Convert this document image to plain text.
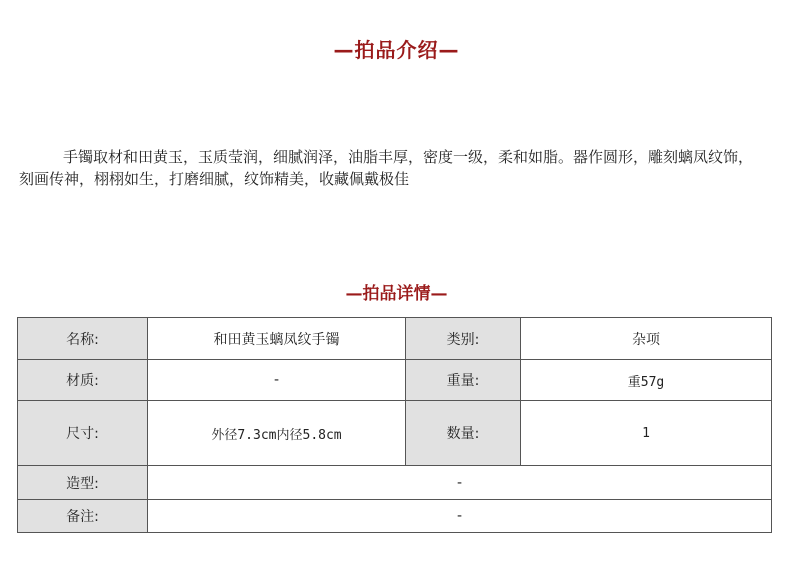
—拍品介绍—
手镯取材和田黄玉，玉质莹润，细腻润泽，油脂丰厚，密度一级，柔和如脂。器作圆形，雕刻螭凤纹饰，刻画传神，栩栩如生，打磨细腻，纹饰精美，收藏佩戴极佳
—拍品详情—
名称:	和田黄玉螭凤纹手镯	类别:	杂项
材质:	-	重量:	重57g
尺寸:	外径7.3cm内径5.8cm	数量:	1
造型:	-		
备注:	-		
